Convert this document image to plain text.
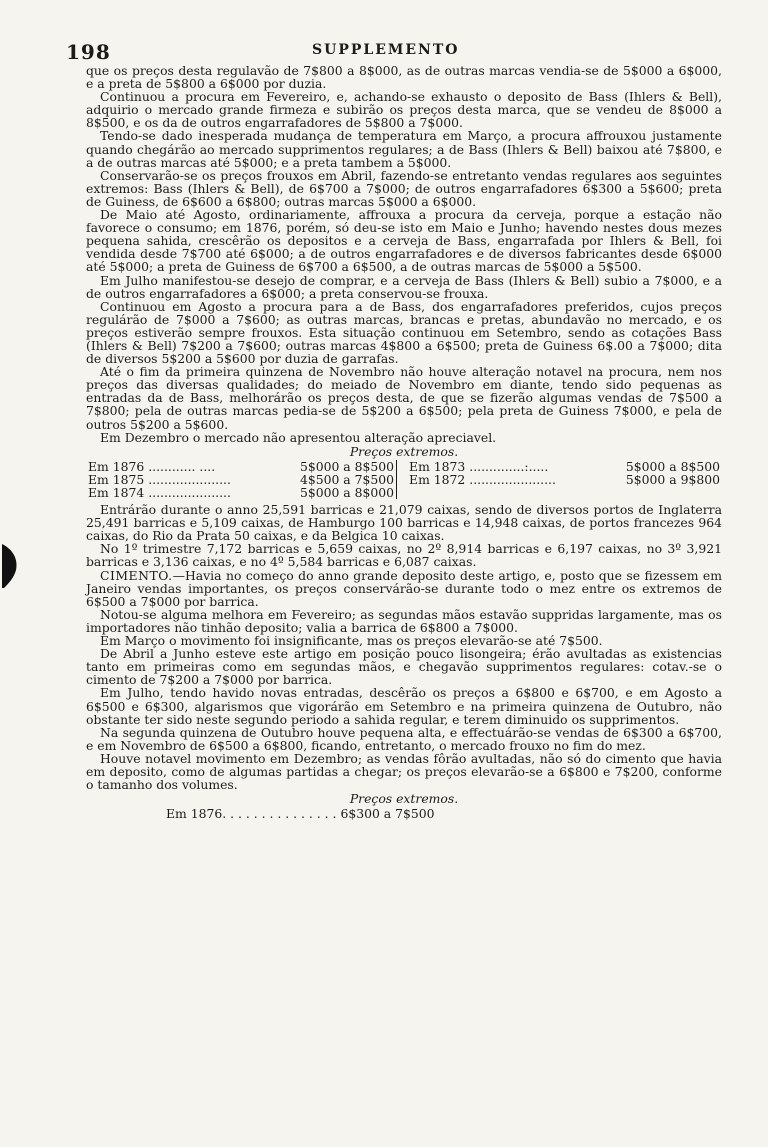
198	SUPPLEMENTO

que os preços desta regulavão de 7$800 a 8$000, as de outras marcas vendia-se de 5$000 a 6$000, e a preta de 5$800 a 6$000 por duzia.

Continuou a procura em Fevereiro, e, achando-se exhausto o deposito de Bass (Ihlers & Bell), adquirio o mercado grande firmeza e subirão os preços desta marca, que se vendeu de 8$000 a 8$500, e os da de outros engarrafadores de 5$800 a 7$000.

Tendo-se dado inesperada mudança de temperatura em Março, a procura affrouxou justamente quando chegárão ao mercado supprimentos regulares; a de Bass (Ihlers & Bell) baixou até 7$800, e a de outras marcas até 5$000; e a preta tambem a 5$000.

Conservarão-se os preços frouxos em Abril, fazendo-se entretanto vendas regulares aos seguintes extremos: Bass (Ihlers & Bell), de 6$700 a 7$000; de outros engarrafadores 6$300 a 5$600; preta de Guiness, de 6$600 a 6$800; outras marcas 5$000 a 6$000.

De Maio até Agosto, ordinariamente, affrouxa a procura da cerveja, porque a estação não favorece o consumo; em 1876, porém, só deu-se isto em Maio e Junho; havendo nestes dous mezes pequena sahida, crescêrão os depositos e a cerveja de Bass, engarrafada por Ihlers & Bell, foi vendida desde 7$700 até 6$000; a de outros engarrafadores e de diversos fabricantes desde 6$000 até 5$000; a preta de Guiness de 6$700 a 6$500, a de outras marcas de 5$000 a 5$500.

Em Julho manifestou-se desejo de comprar, e a cerveja de Bass (Ihlers & Bell) subio a 7$000, e a de outros engarrafadores a 6$000; a preta conservou-se frouxa.

Continuou em Agosto a procura para a de Bass, dos engarrafadores preferidos, cujos preços regulárão de 7$000 a 7$600; as outras marcas, brancas e pretas, abundavão no mercado, e os preços estiverão sempre frouxos. Esta situação continuou em Setembro, sendo as cotações Bass (Ihlers & Bell) 7$200 a 7$600; outras marcas 4$800 a 6$500; preta de Guiness 6$.00 a 7$000; dita de diversos 5$200 a 5$600 por duzia de garrafas.

Até o fim da primeira quinzena de Novembro não houve alteração notavel na procura, nem nos preços das diversas qualidades; do meiado de Novembro em diante, tendo sido pequenas as entradas da de Bass, melhorárão os preços desta, de que se fizerão algumas vendas de 7$500 a 7$800; pela de outras marcas pedia-se de 5$200 a 6$500; pela preta de Guiness 7$000, e pela de outros 5$200 a 5$600.

Em Dezembro o mercado não apresentou alteração apreciavel.

Preços extremos.
Em 1876 ............ ....	5$000 a 8$500		Em 1873 ..............:.....	5$000 a 8$500
Em 1875 .....................	4$500 a 7$500		Em 1872 ......................	5$000 a 9$800
Em 1874 .....................	5$000 a 8$000			

Entrárão durante o anno 25,591 barricas e 21,079 caixas, sendo de diversos portos de Inglaterra 25,491 barricas e 5,109 caixas, de Hamburgo 100 barricas e 14,948 caixas, de portos francezes 964 caixas, do Rio da Prata 50 caixas, e da Belgica 10 caixas.

No 1º trimestre 7,172 barricas e 5,659 caixas, no 2º 8,914 barricas e 6,197 caixas, no 3º 3,921 barricas e 3,136 caixas, e no 4º 5,584 barricas e 6,087 caixas.

CIMENTO.—Havia no começo do anno grande deposito deste artigo, e, posto que se fizessem em Janeiro vendas importantes, os preços conservárão-se durante todo o mez entre os extremos de 6$500 a 7$000 por barrica.

Notou-se alguma melhora em Fevereiro; as segundas mãos estavão suppridas largamente, mas os importadores não tinhão deposito; valia a barrica de 6$800 a 7$000.

Em Março o movimento foi insignificante, mas os preços elevarão-se até 7$500.

De Abril a Junho esteve este artigo em posição pouco lisongeira; érão avultadas as existencias tanto em primeiras como em segundas mãos, e chegavão supprimentos regulares: cotav.-se o cimento de 7$200 a 7$000 por barrica.

Em Julho, tendo havido novas entradas, descêrão os preços a 6$800 e 6$700, e em Agosto a 6$500 e 6$300, algarismos que vigorárão em Setembro e na primeira quinzena de Outubro, não obstante ter sido neste segundo periodo a sahida regular, e terem diminuido os supprimentos.

Na segunda quinzena de Outubro houve pequena alta, e effectuárão-se vendas de 6$300 a 6$700, e em Novembro de 6$500 a 6$800, ficando, entretanto, o mercado frouxo no fim do mez.

Houve notavel movimento em Dezembro; as vendas fôrão avultadas, não só do cimento que havia em deposito, como de algumas partidas a chegar; os preços elevarão-se a 6$800 e 7$200, conforme o tamanho dos volumes.

Preços extremos.
Em 1876. . . . . . . . . . . . . . . 6$300 a 7$500
